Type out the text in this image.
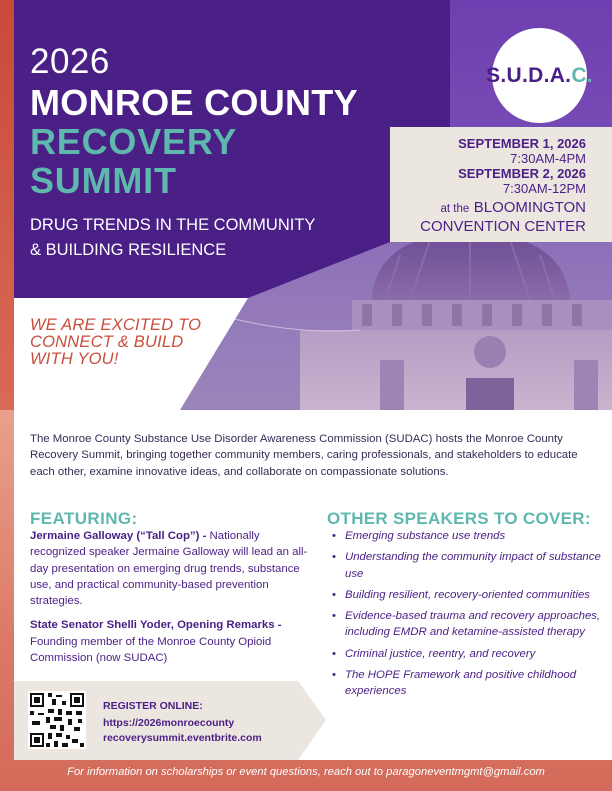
2026
MONROE COUNTY
RECOVERY
SUMMIT
DRUG TRENDS IN THE COMMUNITY
& BUILDING RESILIENCE
S.U.D.A.C.
SEPTEMBER 1, 2026
7:30AM-4PM
SEPTEMBER 2, 2026
7:30AM-12PM
at the BLOOMINGTON
CONVENTION CENTER
WE ARE EXCITED TO CONNECT & BUILD WITH YOU!

The Monroe County Substance Use Disorder Awareness Commission (SUDAC) hosts the Monroe County Recovery Summit, bringing together community members, caring professionals, and stakeholders to educate each other, examine innovative ideas, and collaborate on compassionate solutions.

FEATURING:

Jermaine Galloway (“Tall Cop”) - Nationally recognized speaker Jermaine Galloway will lead an all-day presentation on emerging drug trends, substance use, and practical community-based prevention strategies.

State Senator Shelli Yoder, Opening Remarks - Founding member of the Monroe County Opioid Commission (now SUDAC)

OTHER SPEAKERS TO COVER:
• Emerging substance use trends
• Understanding the community impact of substance use
• Building resilient, recovery-oriented communities
• Evidence-based trauma and recovery approaches, including EMDR and ketamine-assisted therapy
• Criminal justice, reentry, and recovery
• The HOPE Framework and positive childhood experiences
REGISTER ONLINE:
https://2026monroecounty
recoverysummit.eventbrite.com
For information on scholarships or event questions, reach out to paragoneventmgmt@gmail.com
